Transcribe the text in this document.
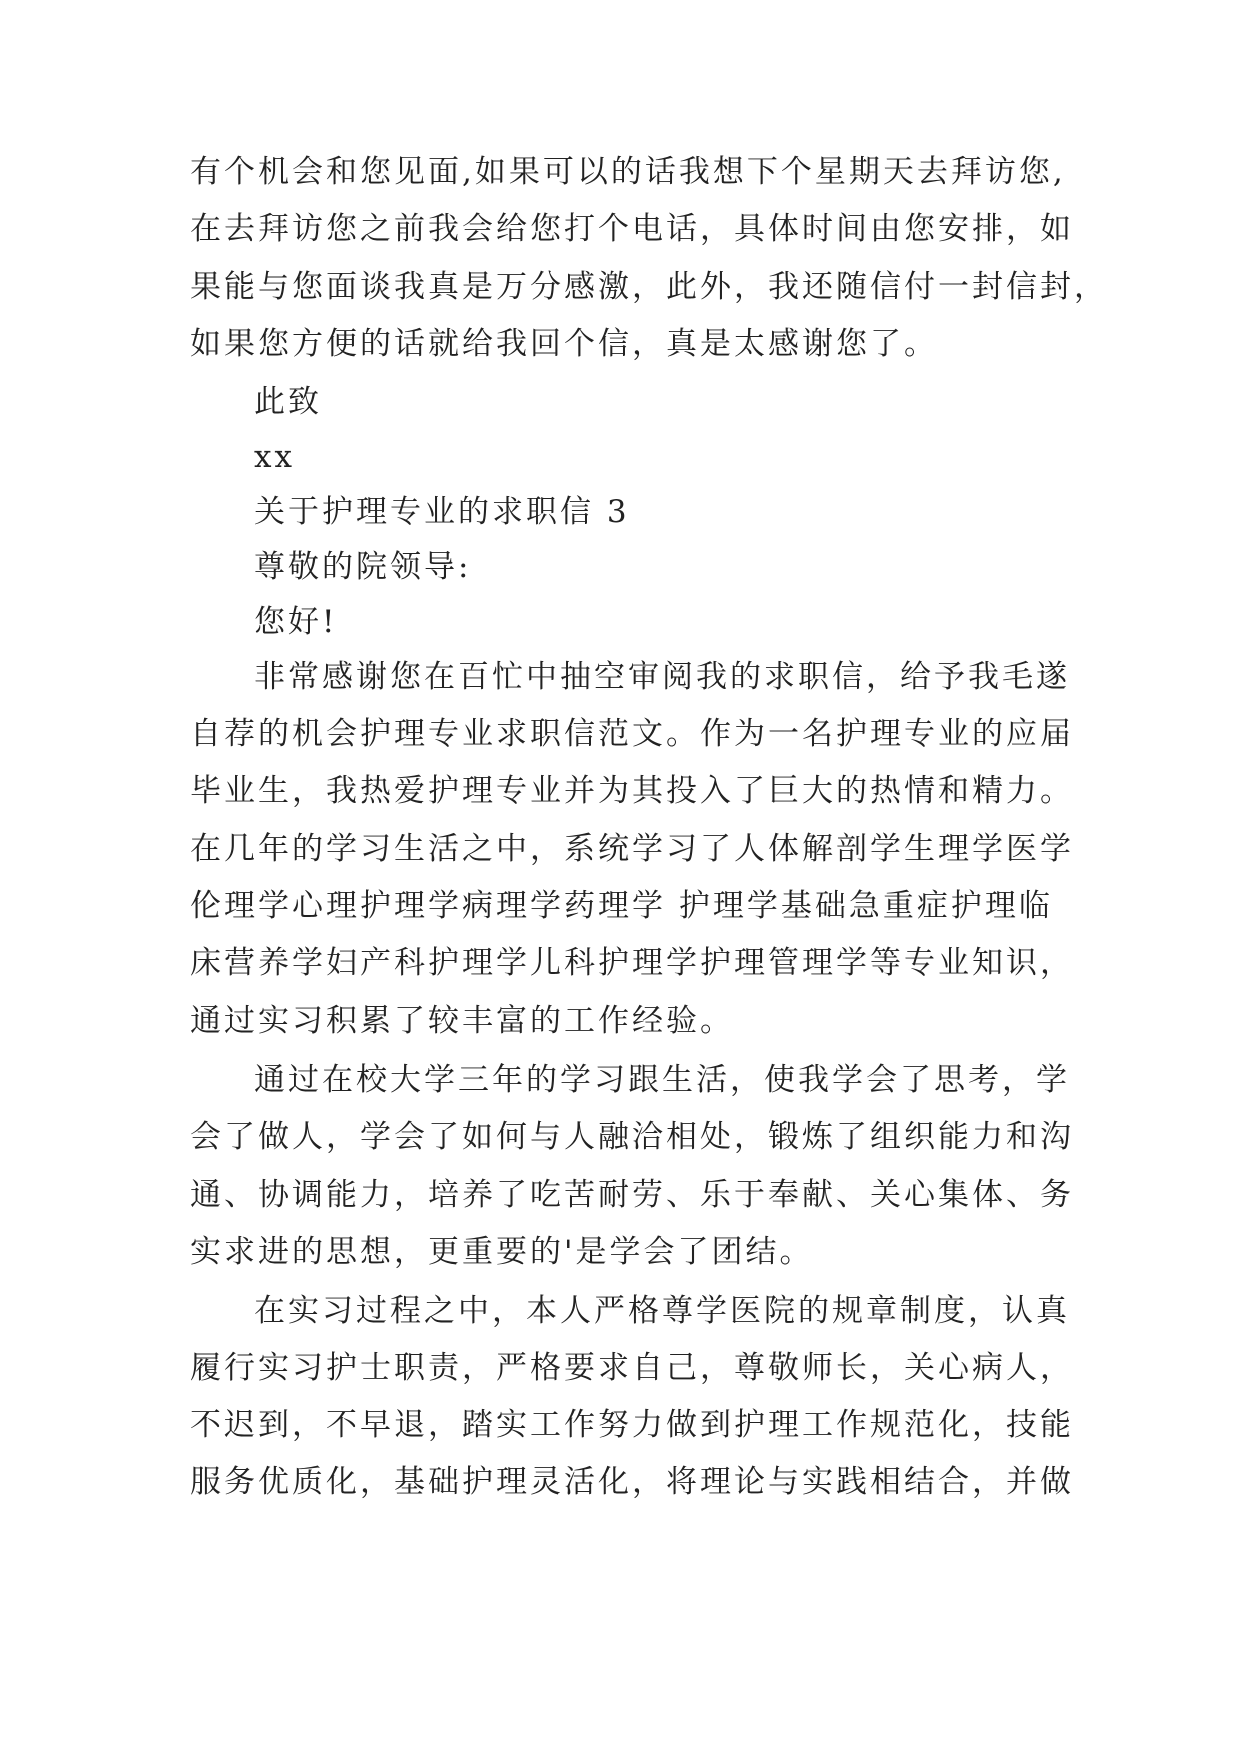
有个机会和您见面,如果可以的话我想下个星期天去拜访您,
在去拜访您之前我会给您打个电话，具体时间由您安排，如
果能与您面谈我真是万分感激，此外，我还随信付一封信封，
如果您方便的话就给我回个信，真是太感谢您了。
此致
xx
关于护理专业的求职信 3
尊敬的院领导:
您好!
非常感谢您在百忙中抽空审阅我的求职信，给予我毛遂
自荐的机会护理专业求职信范文。作为一名护理专业的应届
毕业生，我热爱护理专业并为其投入了巨大的热情和精力。
在几年的学习生活之中，系统学习了人体解剖学生理学医学
伦理学心理护理学病理学药理学 护理学基础急重症护理临
床营养学妇产科护理学儿科护理学护理管理学等专业知识，
通过实习积累了较丰富的工作经验。
通过在校大学三年的学习跟生活，使我学会了思考，学
会了做人，学会了如何与人融洽相处，锻炼了组织能力和沟
通、协调能力，培养了吃苦耐劳、乐于奉献、关心集体、务
实求进的思想，更重要的'是学会了团结。
在实习过程之中，本人严格尊学医院的规章制度，认真
履行实习护士职责，严格要求自己，尊敬师长，关心病人，
不迟到，不早退，踏实工作努力做到护理工作规范化，技能
服务优质化，基础护理灵活化，将理论与实践相结合，并做
